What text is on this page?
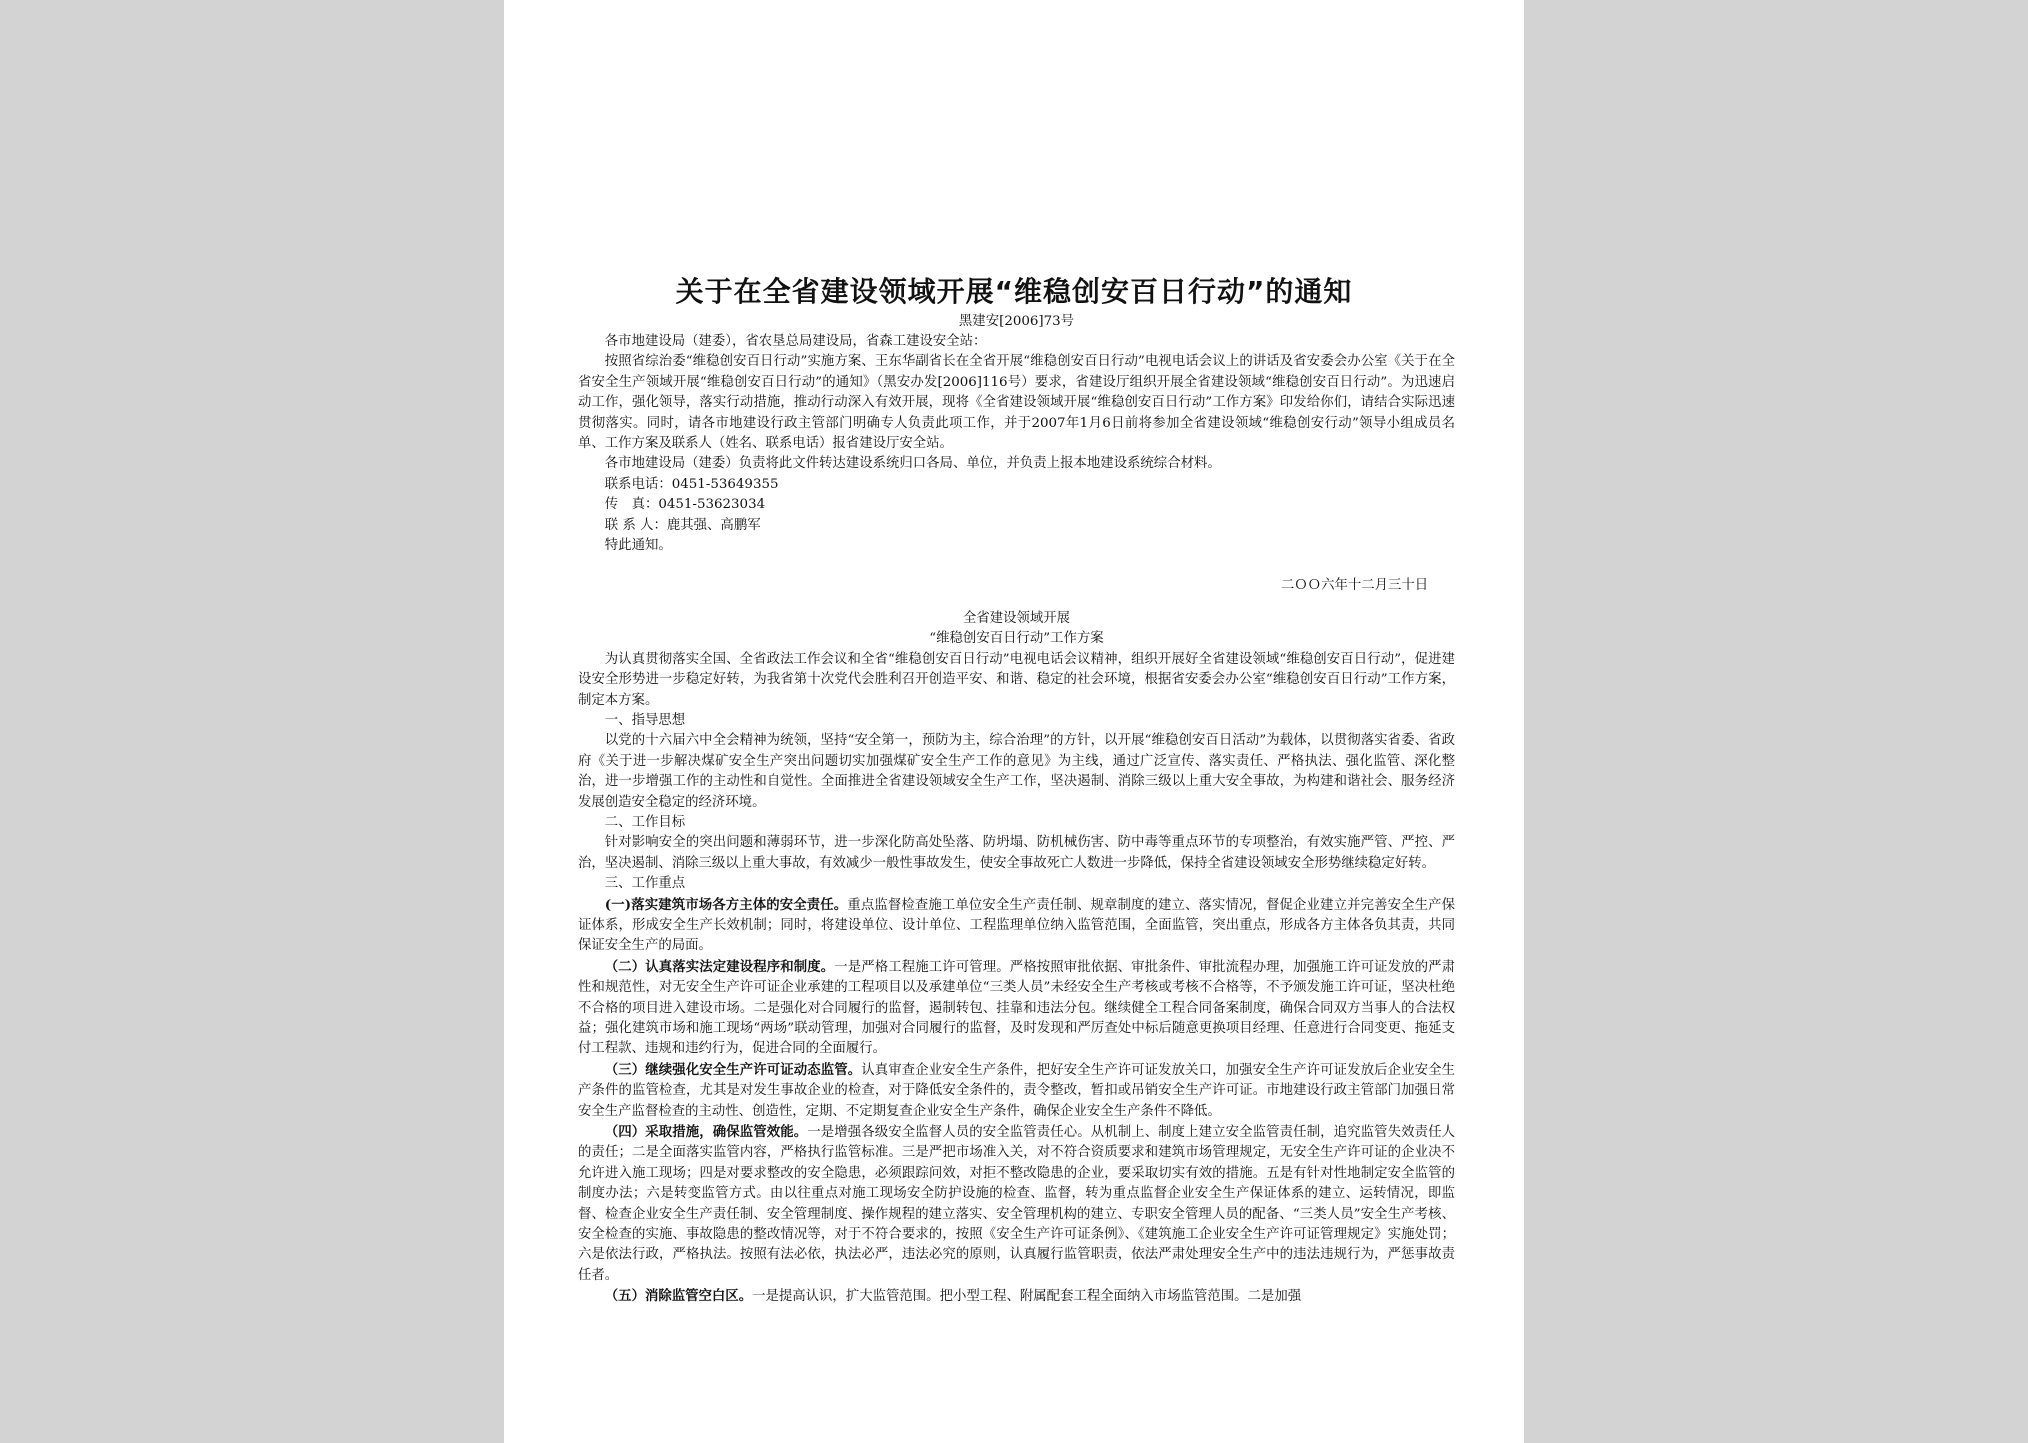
关于在全省建设领域开展“维稳创安百日行动”的通知
黑建安[2006]73号

各市地建设局（建委），省农垦总局建设局，省森工建设安全站：

按照省综治委“维稳创安百日行动”实施方案、王东华副省长在全省开展“维稳创安百日行动”电视电话会议上的讲话及省安委会办公室《关于在全省安全生产领域开展“维稳创安百日行动”的通知》（黑安办发[2006]116号）要求，省建设厅组织开展全省建设领域“维稳创安百日行动”。为迅速启动工作，强化领导，落实行动措施，推动行动深入有效开展，现将《全省建设领域开展“维稳创安百日行动”工作方案》印发给你们，请结合实际迅速贯彻落实。同时，请各市地建设行政主管部门明确专人负责此项工作，并于2007年1月6日前将参加全省建设领域“维稳创安行动”领导小组成员名单、工作方案及联系人（姓名、联系电话）报省建设厅安全站。

各市地建设局（建委）负责将此文件转达建设系统归口各局、单位，并负责上报本地建设系统综合材料。

联系电话：0451-53649355

传　真：0451-53623034

联 系 人：鹿其强、高鹏军

特此通知。

二ＯＯ六年十二月三十日

全省建设领域开展

“维稳创安百日行动”工作方案

为认真贯彻落实全国、全省政法工作会议和全省“维稳创安百日行动”电视电话会议精神，组织开展好全省建设领域“维稳创安百日行动”，促进建设安全形势进一步稳定好转，为我省第十次党代会胜利召开创造平安、和谐、稳定的社会环境，根据省安委会办公室“维稳创安百日行动”工作方案，制定本方案。

一、指导思想

以党的十六届六中全会精神为统领，坚持“安全第一，预防为主，综合治理”的方针，以开展“维稳创安百日活动”为载体，以贯彻落实省委、省政府《关于进一步解决煤矿安全生产突出问题切实加强煤矿安全生产工作的意见》为主线，通过广泛宣传、落实责任、严格执法、强化监管、深化整治，进一步增强工作的主动性和自觉性。全面推进全省建设领域安全生产工作，坚决遏制、消除三级以上重大安全事故，为构建和谐社会、服务经济发展创造安全稳定的经济环境。

二、工作目标

针对影响安全的突出问题和薄弱环节，进一步深化防高处坠落、防坍塌、防机械伤害、防中毒等重点环节的专项整治，有效实施严管、严控、严治，坚决遏制、消除三级以上重大事故，有效减少一般性事故发生，使安全事故死亡人数进一步降低，保持全省建设领域安全形势继续稳定好转。

三、工作重点

(一)落实建筑市场各方主体的安全责任。重点监督检查施工单位安全生产责任制、规章制度的建立、落实情况，督促企业建立并完善安全生产保证体系，形成安全生产长效机制；同时，将建设单位、设计单位、工程监理单位纳入监管范围，全面监管，突出重点，形成各方主体各负其责，共同保证安全生产的局面。

（二）认真落实法定建设程序和制度。一是严格工程施工许可管理。严格按照审批依据、审批条件、审批流程办理，加强施工许可证发放的严肃性和规范性，对无安全生产许可证企业承建的工程项目以及承建单位“三类人员”未经安全生产考核或考核不合格等，不予颁发施工许可证，坚决杜绝不合格的项目进入建设市场。二是强化对合同履行的监督，遏制转包、挂靠和违法分包。继续健全工程合同备案制度，确保合同双方当事人的合法权益；强化建筑市场和施工现场“两场”联动管理，加强对合同履行的监督，及时发现和严厉查处中标后随意更换项目经理、任意进行合同变更、拖延支付工程款、违规和违约行为，促进合同的全面履行。

（三）继续强化安全生产许可证动态监管。认真审查企业安全生产条件，把好安全生产许可证发放关口，加强安全生产许可证发放后企业安全生产条件的监管检查，尤其是对发生事故企业的检查，对于降低安全条件的，责令整改，暂扣或吊销安全生产许可证。市地建设行政主管部门加强日常安全生产监督检查的主动性、创造性，定期、不定期复查企业安全生产条件，确保企业安全生产条件不降低。

（四）采取措施，确保监管效能。一是增强各级安全监督人员的安全监管责任心。从机制上、制度上建立安全监管责任制，追究监管失效责任人的责任；二是全面落实监管内容，严格执行监管标准。三是严把市场准入关，对不符合资质要求和建筑市场管理规定，无安全生产许可证的企业决不允许进入施工现场；四是对要求整改的安全隐患，必须跟踪问效，对拒不整改隐患的企业，要采取切实有效的措施。五是有针对性地制定安全监管的制度办法；六是转变监管方式。由以往重点对施工现场安全防护设施的检查、监督，转为重点监督企业安全生产保证体系的建立、运转情况，即监督、检查企业安全生产责任制、安全管理制度、操作规程的建立落实、安全管理机构的建立、专职安全管理人员的配备、“三类人员”安全生产考核、安全检查的实施、事故隐患的整改情况等，对于不符合要求的，按照《安全生产许可证条例》、《建筑施工企业安全生产许可证管理规定》实施处罚；六是依法行政，严格执法。按照有法必依，执法必严，违法必究的原则，认真履行监管职责，依法严肃处理安全生产中的违法违规行为，严惩事故责任者。

（五）消除监管空白区。一是提高认识，扩大监管范围。把小型工程、附属配套工程全面纳入市场监管范围。二是加强
